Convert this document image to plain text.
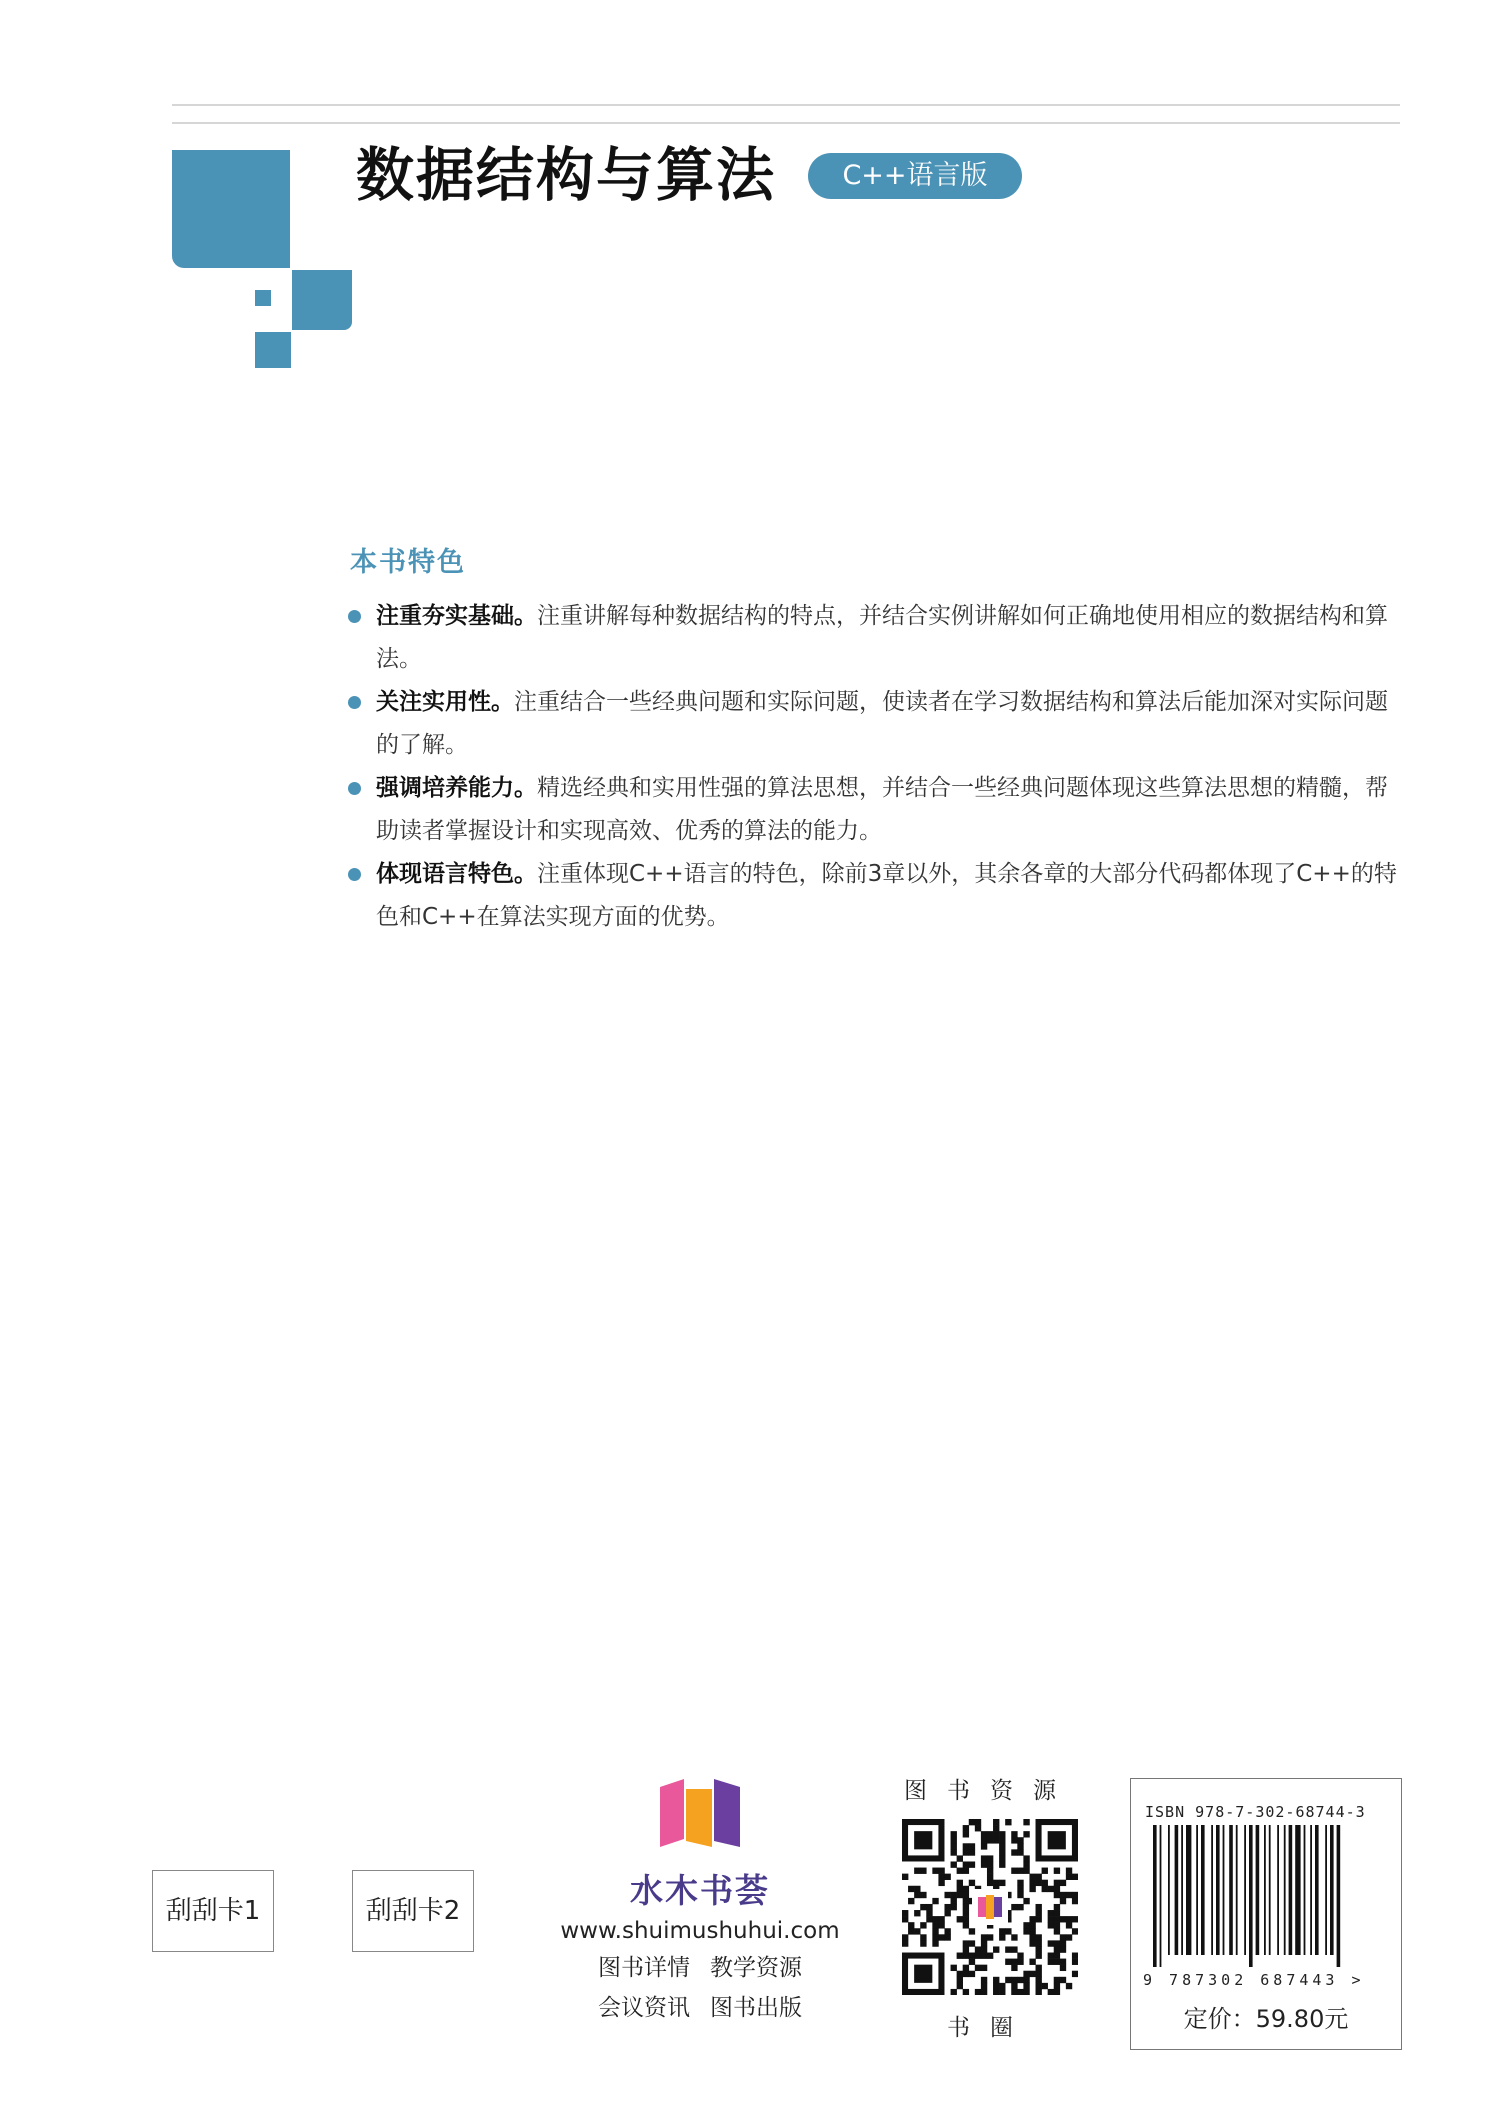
数据结构与算法	C++语言版
本书特色
注重夯实基础。注重讲解每种数据结构的特点，并结合实例讲解如何正确地使用相应的数据结构和算法。
关注实用性。注重结合一些经典问题和实际问题，使读者在学习数据结构和算法后能加深对实际问题的了解。
强调培养能力。精选经典和实用性强的算法思想，并结合一些经典问题体现这些算法思想的精髓，帮助读者掌握设计和实现高效、优秀的算法的能力。
体现语言特色。注重体现C++语言的特色，除前3章以外，其余各章的大部分代码都体现了C++的特色和C++在算法实现方面的优势。
刮刮卡1	刮刮卡2
水木书荟
www.shuimushuhui.com
图书详情 教学资源
会议资讯 图书出版
图书资源
书圈
ISBN 978-7-302-68744-3
9 787302 687443 >
定价：59.80元
